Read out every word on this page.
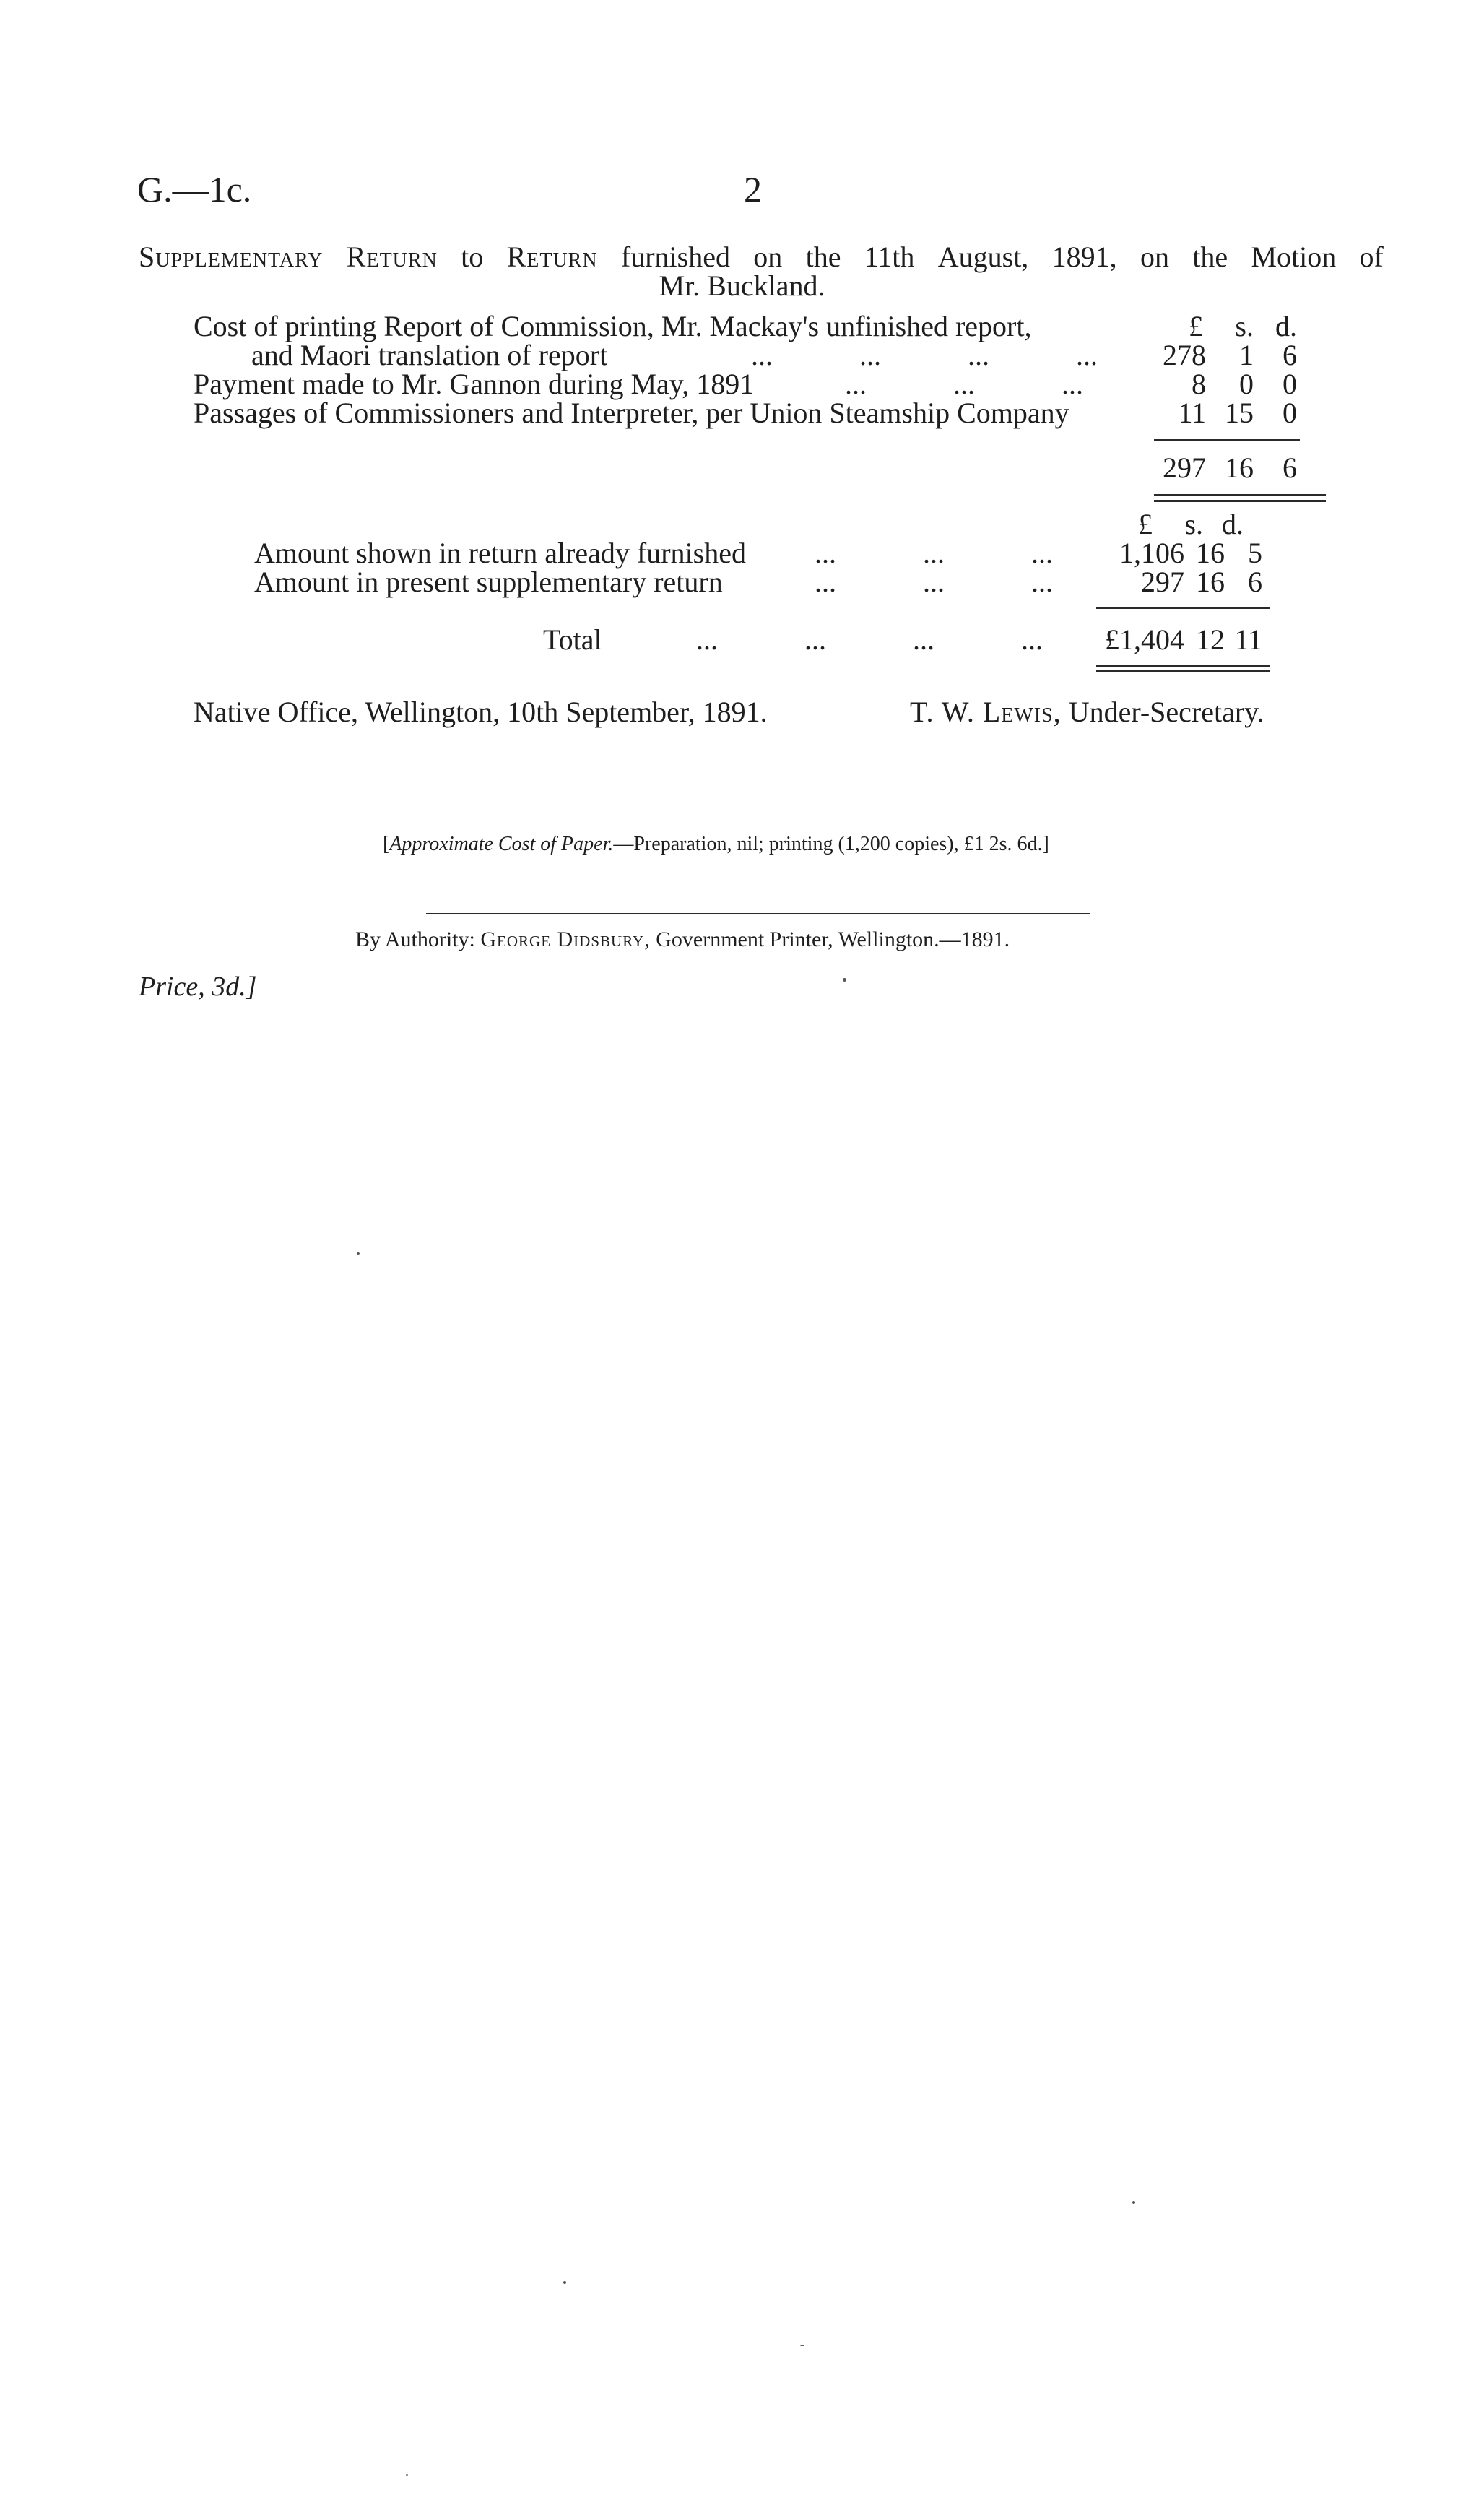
G.—1c.	2
Supplementary Return to Return furnished on the 11th August, 1891, on the Motion of
Mr. Buckland.
£	s. d.
Cost of printing Report of Commission, Mr. Mackay's unfinished report,
and Maori translation of report	...            ...            ...            ... 278	1	6
Payment made to Mr. Gannon during May, 1891	...            ...            ...	8	0	0
Passages of Commissioners and Interpreter, per Union Steamship Company	11 15	0
297 16	6
£	s. d.
Amount shown in return already furnished ...            ...            ...	1,106 16 5
Amount in present supplementary return	...            ...            ...	297 16 6
Total	...            ...            ...            ...	£1,404 12 11
Native Office, Wellington, 10th September, 1891.	T. W. Lewis, Under-Secretary.
[Approximate Cost of Paper.—Preparation, nil; printing (1,200 copies), £1 2s. 6d.]
By Authority: George Didsbury, Government Printer, Wellington.—1891.
Price, 3d.]
